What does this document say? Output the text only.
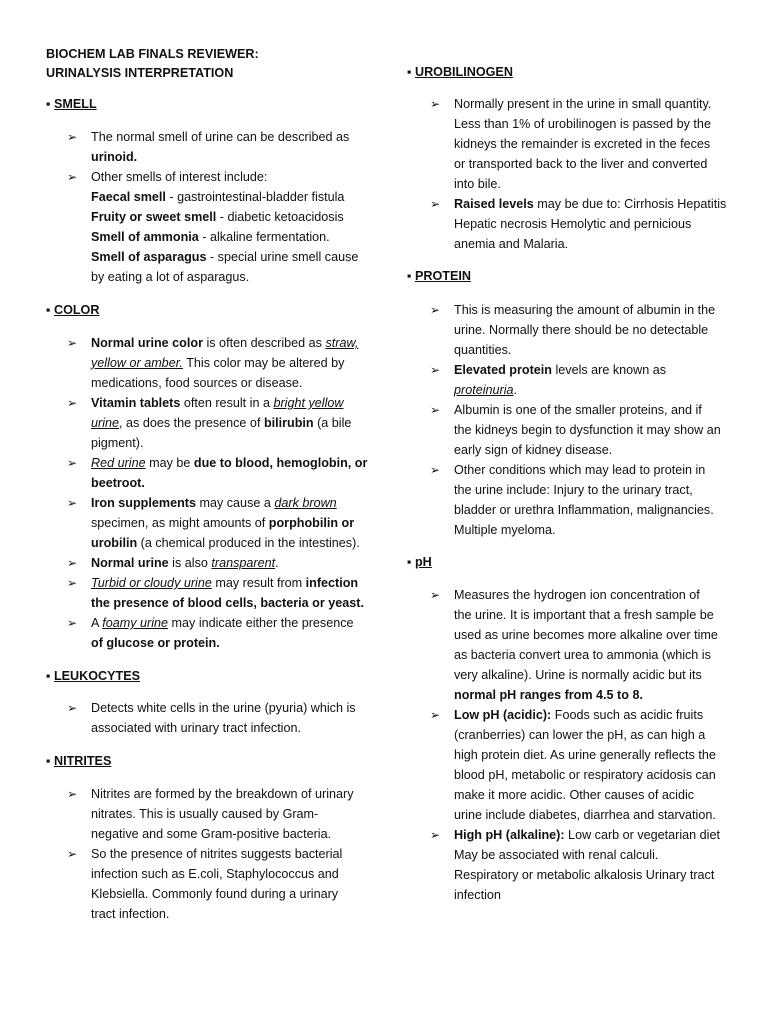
BIOCHEM LAB FINALS REVIEWER:
URINALYSIS INTERPRETATION
▪ SMELL
➢ The normal smell of urine can be described as
urinoid.
➢ Other smells of interest include:
Faecal smell - gastrointestinal-bladder fistula
Fruity or sweet smell - diabetic ketoacidosis
Smell of ammonia - alkaline fermentation.
Smell of asparagus - special urine smell cause
by eating a lot of asparagus.
▪ COLOR
➢ Normal urine color is often described as straw,
yellow or amber. This color may be altered by
medications, food sources or disease.
➢ Vitamin tablets often result in a bright yellow
urine, as does the presence of bilirubin (a bile
pigment).
➢ Red urine may be due to blood, hemoglobin, or
beetroot.
➢ Iron supplements may cause a dark brown
specimen, as might amounts of porphobilin or
urobilin (a chemical produced in the intestines).
➢ Normal urine is also transparent.
➢ Turbid or cloudy urine may result from infection
the presence of blood cells, bacteria or yeast.
➢ A foamy urine may indicate either the presence
of glucose or protein.
▪ LEUKOCYTES
➢ Detects white cells in the urine (pyuria) which is
associated with urinary tract infection.
▪ NITRITES
➢ Nitrites are formed by the breakdown of urinary
nitrates. This is usually caused by Gram-
negative and some Gram-positive bacteria.
➢ So the presence of nitrites suggests bacterial
infection such as E.coli, Staphylococcus and
Klebsiella. Commonly found during a urinary
tract infection.
▪ UROBILINOGEN
➢ Normally present in the urine in small quantity.
Less than 1% of urobilinogen is passed by the
kidneys the remainder is excreted in the feces
or transported back to the liver and converted
into bile.
➢ Raised levels may be due to: Cirrhosis Hepatitis
Hepatic necrosis Hemolytic and pernicious
anemia and Malaria.
▪ PROTEIN
➢ This is measuring the amount of albumin in the
urine. Normally there should be no detectable
quantities.
➢ Elevated protein levels are known as
proteinuria.
➢ Albumin is one of the smaller proteins, and if
the kidneys begin to dysfunction it may show an
early sign of kidney disease.
➢ Other conditions which may lead to protein in
the urine include: Injury to the urinary tract,
bladder or urethra Inflammation, malignancies.
Multiple myeloma.
▪ pH
➢ Measures the hydrogen ion concentration of
the urine. It is important that a fresh sample be
used as urine becomes more alkaline over time
as bacteria convert urea to ammonia (which is
very alkaline). Urine is normally acidic but its
normal pH ranges from 4.5 to 8.
➢ Low pH (acidic): Foods such as acidic fruits
(cranberries) can lower the pH, as can high a
high protein diet. As urine generally reflects the
blood pH, metabolic or respiratory acidosis can
make it more acidic. Other causes of acidic
urine include diabetes, diarrhea and starvation.
➢ High pH (alkaline): Low carb or vegetarian diet
May be associated with renal calculi.
Respiratory or metabolic alkalosis Urinary tract
infection
